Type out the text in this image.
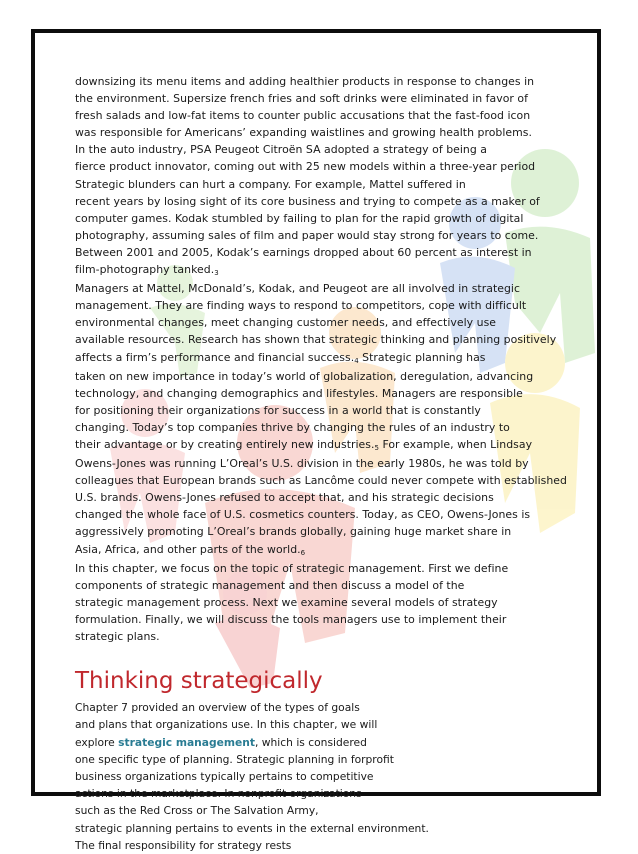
downsizing its menu items and adding healthier products in response to changes in
the environment. Supersize french fries and soft drinks were eliminated in favor of
fresh salads and low-fat items to counter public accusations that the fast-food icon
was responsible for Americans’ expanding waistlines and growing health problems.
In the auto industry, PSA Peugeot Citroën SA adopted a strategy of being a
fierce product innovator, coming out with 25 new models within a three-year period
Strategic blunders can hurt a company. For example, Mattel suffered in
recent years by losing sight of its core business and trying to compete as a maker of
computer games. Kodak stumbled by failing to plan for the rapid growth of digital
photography, assuming sales of film and paper would stay strong for years to come.
Between 2001 and 2005, Kodak’s earnings dropped about 60 percent as interest in
film-photography $tanked._3$
Managers at Mattel, McDonald’s, Kodak, and Peugeot are all involved in strategic
management. They are finding ways to respond to competitors, cope with difficult
environmental changes, meet changing customer needs, and effectively use
available resources. Research has shown that strategic thinking and planning positively
affects a firm’s performance and financial $success._4$ Strategic planning has
taken on new importance in today’s world of globalization, deregulation, advancing
technology, and changing demographics and lifestyles. Managers are responsible
for positioning their organizations for success in a world that is constantly
changing. Today’s top companies thrive by changing the rules of an industry to
their advantage or by creating entirely new $industries._5$ For example, when Lindsay
Owens-Jones was running L’Oreal’s U.S. division in the early 1980s, he was told by
colleagues that European brands such as Lancôme could never compete with established
U.S. brands. Owens-Jones refused to accept that, and his strategic decisions
changed the whole face of U.S. cosmetics counters. Today, as CEO, Owens-Jones is
aggressively promoting L’Oreal’s brands globally, gaining huge market share in
Asia, Africa, and other parts of the $world._6$
In this chapter, we focus on the topic of strategic management. First we define
components of strategic management and then discuss a model of the
strategic management process. Next we examine several models of strategy
formulation. Finally, we will discuss the tools managers use to implement their
strategic plans.
Thinking strategically
Chapter 7 provided an overview of the types of goals
and plans that organizations use. In this chapter, we will
explore strategic management, which is considered
one specific type of planning. Strategic planning in forprofit
business organizations typically pertains to competitive
actions in the marketplace. In nonprofit organizations
such as the Red Cross or The Salvation Army,
strategic planning pertains to events in the external environment.
The final responsibility for strategy rests
